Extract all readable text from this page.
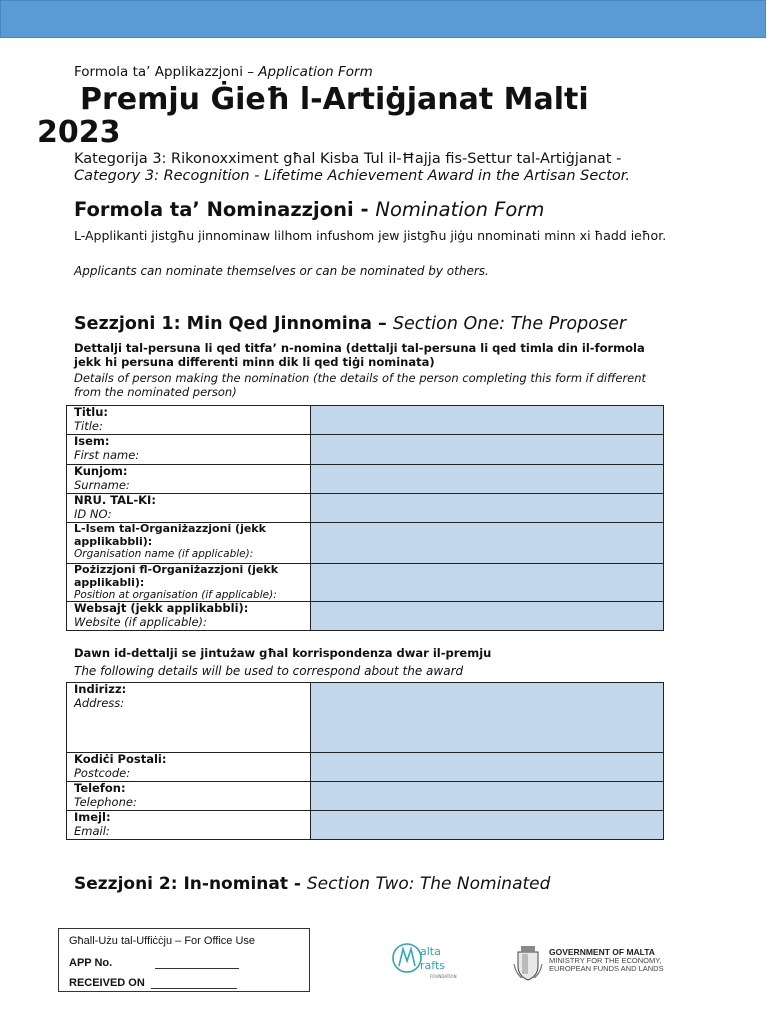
Formola ta’ Applikazzjoni – Application Form
Premju Ġieħ l-Artiġjanat Malti
2023
Kategorija 3: Rikonoxximent għal Kisba Tul il-Ħajja fis-Settur tal-Artiġjanat -
Category 3: Recognition - Lifetime Achievement Award in the Artisan Sector.
Formola ta’ Nominazzjoni - Nomination Form
L-Applikanti jistgħu jinnominaw lilhom infushom jew jistgħu jiġu nnominati minn xi ħadd ieħor.
Applicants can nominate themselves or can be nominated by others.
Sezzjoni 1: Min Qed Jinnomina – Section One: The Proposer
Dettalji tal-persuna li qed titfa’ n-nomina (dettalji tal-persuna li qed timla din il-formola jekk hi persuna differenti minn dik li qed tiġi nominata)
Details of person making the nomination (the details of the person completing this form if different from the nominated person)
Titlu:
Title:	

Isem:
First name:	

Kunjom:
Surname:	

NRU. TAL-KI:
ID NO:	

L-Isem tal-Organiżazzjoni (jekk applikabbli):
Organisation name (if applicable):	

Pożizzjoni fl-Organiżazzjoni (jekk applikabli):
Position at organisation (if applicable):	

Websajt (jekk applikabbli):
Website (if applicable):	

Dawn id-dettalji se jintużaw għal korrispondenza dwar il-premju
The following details will be used to correspond about the award
Indirizz:
Address:	

Kodiċi Postali:
Postcode:	

Telefon:
Telephone:	

Imejl:
Email:	

Sezzjoni 2: In-nominat - Section Two: The Nominated
Għall-Użu tal-Uffiċċju – For Office Use
APP No.
RECEIVED ON
alta
rafts
FOUNDATION
GOVERNMENT OF MALTA
MINISTRY FOR THE ECONOMY,
EUROPEAN FUNDS AND LANDS
